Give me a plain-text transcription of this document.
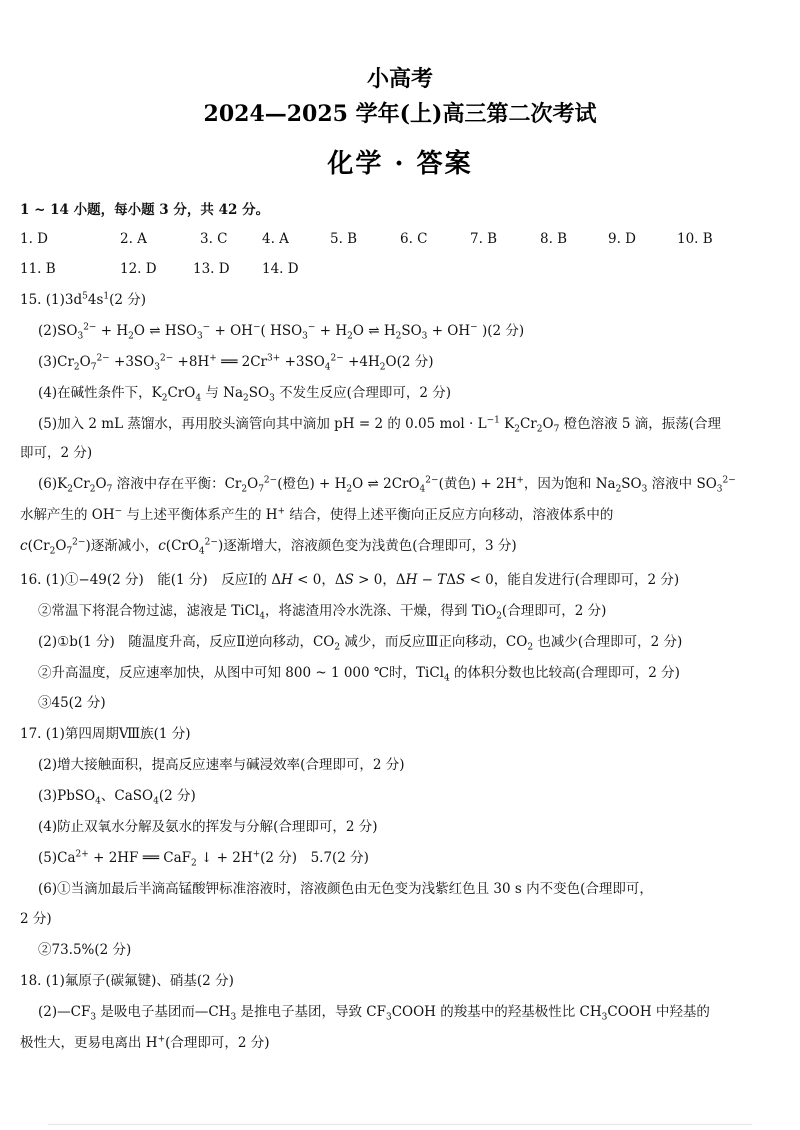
小高考
2024—2025 学年(上)高三第二次考试
化学 · 答案
1 ~ 14 小题，每小题 3 分，共 42 分。
1. D	2. A	3. C	4. A	5. B	6. C	7. B	8. B	9. D	10. B
11. B	12. D	13. D 14. D
15. $(1)3d^54s^1(2$ 分)
$(2)SO_3^{2-} + H_2O$ ⇌ $HSO_3^- + OH^-$( $HSO_3^- + H_2O$ ⇌ $H_2SO_3 + OH^-$ )(2 分)
$(3)Cr_2O_7^{2-} +3SO_3^{2-} +8H^+$ ══ $2Cr^{3+} +3SO_4^{2-} +4H_2O(2$ 分)
(4)在碱性条件下，$K_2CrO_4$ 与 $Na_2SO_3$ 不发生反应(合理即可，2 分)
(5)加入 2 mL 蒸馏水，再用胶头滴管向其中滴加 pH = 2 的 0.05 mol · $L^{-1}$ $K_2Cr_2O_7$ 橙色溶液 5 滴，振荡(合理
即可，2 分)
$(6)K_2Cr_2O_7$ 溶液中存在平衡：$Cr_2O_7^{2-}$(橙色) + $H_2O$ ⇌ 2CrO$_4^{2-}$(黄色) + 2H+，因为饱和 $Na_2SO_3$ 溶液中 $SO_3^{2-}$
水解产生的 OH− 与上述平衡体系产生的 H+ 结合，使得上述平衡向正反应方向移动，溶液体系中的
$c(Cr_2O_7^{2-})$逐渐减小，c(CrO$_4^{2-}$)逐渐增大，溶液颜色变为浅黄色(合理即可，3 分)
16. (1)①−49(2 分)　能(1 分)　反应Ⅰ的 ΔH < 0，ΔS > 0，ΔH − TΔS < 0，能自发进行(合理即可，2 分)
②常温下将混合物过滤，滤液是 TiCl$_4$，将滤渣用冷水洗涤、干燥，得到 TiO$_2$(合理即可，2 分)
(2)①b(1 分)　随温度升高，反应Ⅱ逆向移动，$CO_2$ 减少，而反应Ⅲ正向移动，$CO_2$ 也减少(合理即可，2 分)
②升高温度，反应速率加快，从图中可知 800 ~ 1 000 ℃时，TiCl$_4$ 的体积分数也比较高(合理即可，2 分)
③45(2 分)
17. (1)第四周期Ⅷ族(1 分)
(2)增大接触面积，提高反应速率与碱浸效率(合理即可，2 分)
(3)PbSO$_4$、CaSO$_4$(2 分)
(4)防止双氧水分解及氨水的挥发与分解(合理即可，2 分)
$(5)Ca^{2+} + 2HF$ ══ CaF$_2$ ↓ + 2H+(2 分)　5.7(2 分)
(6)①当滴加最后半滴高锰酸钾标准溶液时，溶液颜色由无色变为浅紫红色且 30 s 内不变色(合理即可，
2 分)
②73.5%(2 分)
18. (1)氟原子(碳氟键)、硝基(2 分)
$(2)—CF_3$ 是吸电子基团而$—CH_3$ 是推电子基团，导致 $CF_3COOH$ 的羧基中的羟基极性比 $CH_3COOH$ 中羟基的
极性大，更易电离出 H+(合理即可，2 分)
